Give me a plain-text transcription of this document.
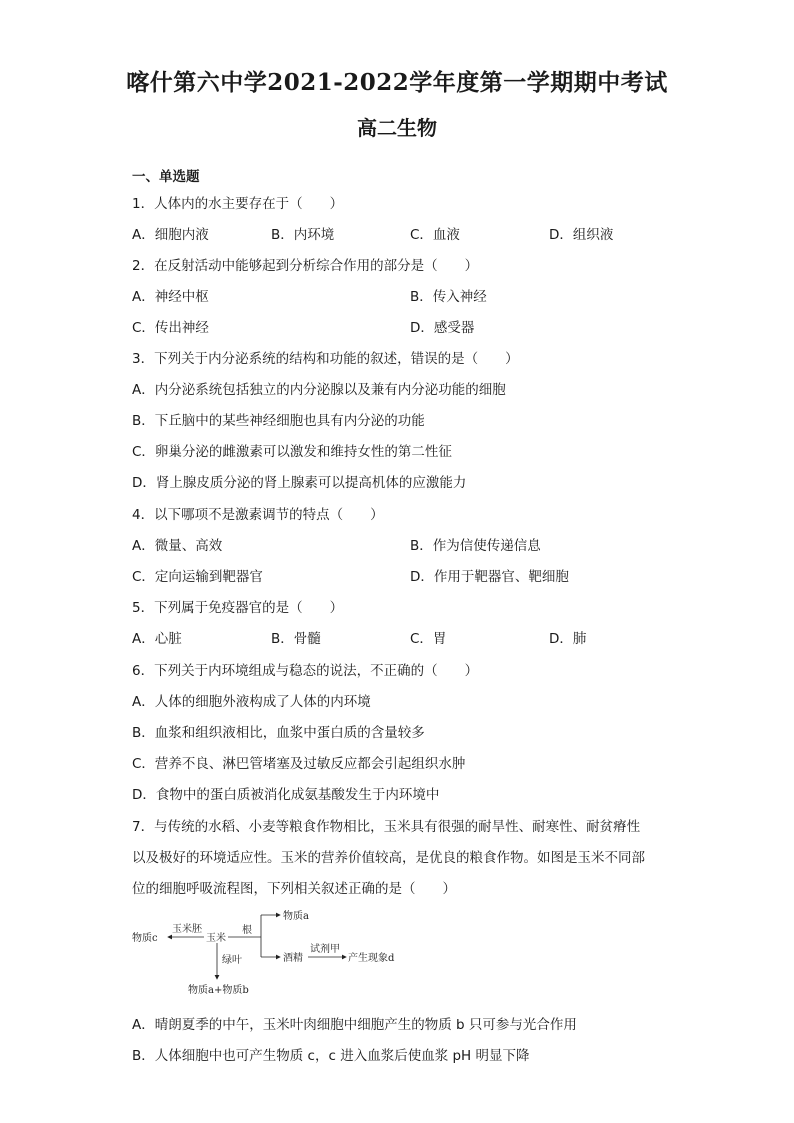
喀什第六中学2021-2022学年度第一学期期中考试
高二生物
一、单选题
1．人体内的水主要存在于（　　）
A．细胞内液	B．内环境	C．血液	D．组织液
2．在反射活动中能够起到分析综合作用的部分是（　　）
A．神经中枢	B．传入神经
C．传出神经	D．感受器
3．下列关于内分泌系统的结构和功能的叙述，错误的是（　　）
A．内分泌系统包括独立的内分泌腺以及兼有内分泌功能的细胞
B．下丘脑中的某些神经细胞也具有内分泌的功能
C．卵巢分泌的雌激素可以激发和维持女性的第二性征
D．肾上腺皮质分泌的肾上腺素可以提高机体的应激能力
4．以下哪项不是激素调节的特点（　　）
A．微量、高效	B．作为信使传递信息
C．定向运输到靶器官	D．作用于靶器官、靶细胞
5．下列属于免疫器官的是（　　）
A．心脏	B．骨髓	C．胃	D．肺
6．下列关于内环境组成与稳态的说法，不正确的（　　）
A．人体的细胞外液构成了人体的内环境
B．血浆和组织液相比，血浆中蛋白质的含量较多
C．营养不良、淋巴管堵塞及过敏反应都会引起组织水肿
D．食物中的蛋白质被消化成氨基酸发生于内环境中
7．与传统的水稻、小麦等粮食作物相比，玉米具有很强的耐旱性、耐寒性、耐贫瘠性
以及极好的环境适应性。玉米的营养价值较高，是优良的粮食作物。如图是玉米不同部
位的细胞呼吸流程图，下列相关叙述正确的是（　　）
玉米
物质c
玉米胚	根
物质a
酒精
试剂甲
产生现象d
绿叶
物质a+物质b
A．晴朗夏季的中午，玉米叶肉细胞中细胞产生的物质 b 只可参与光合作用
B．人体细胞中也可产生物质 c，c 进入血浆后使血浆 pH 明显下降
